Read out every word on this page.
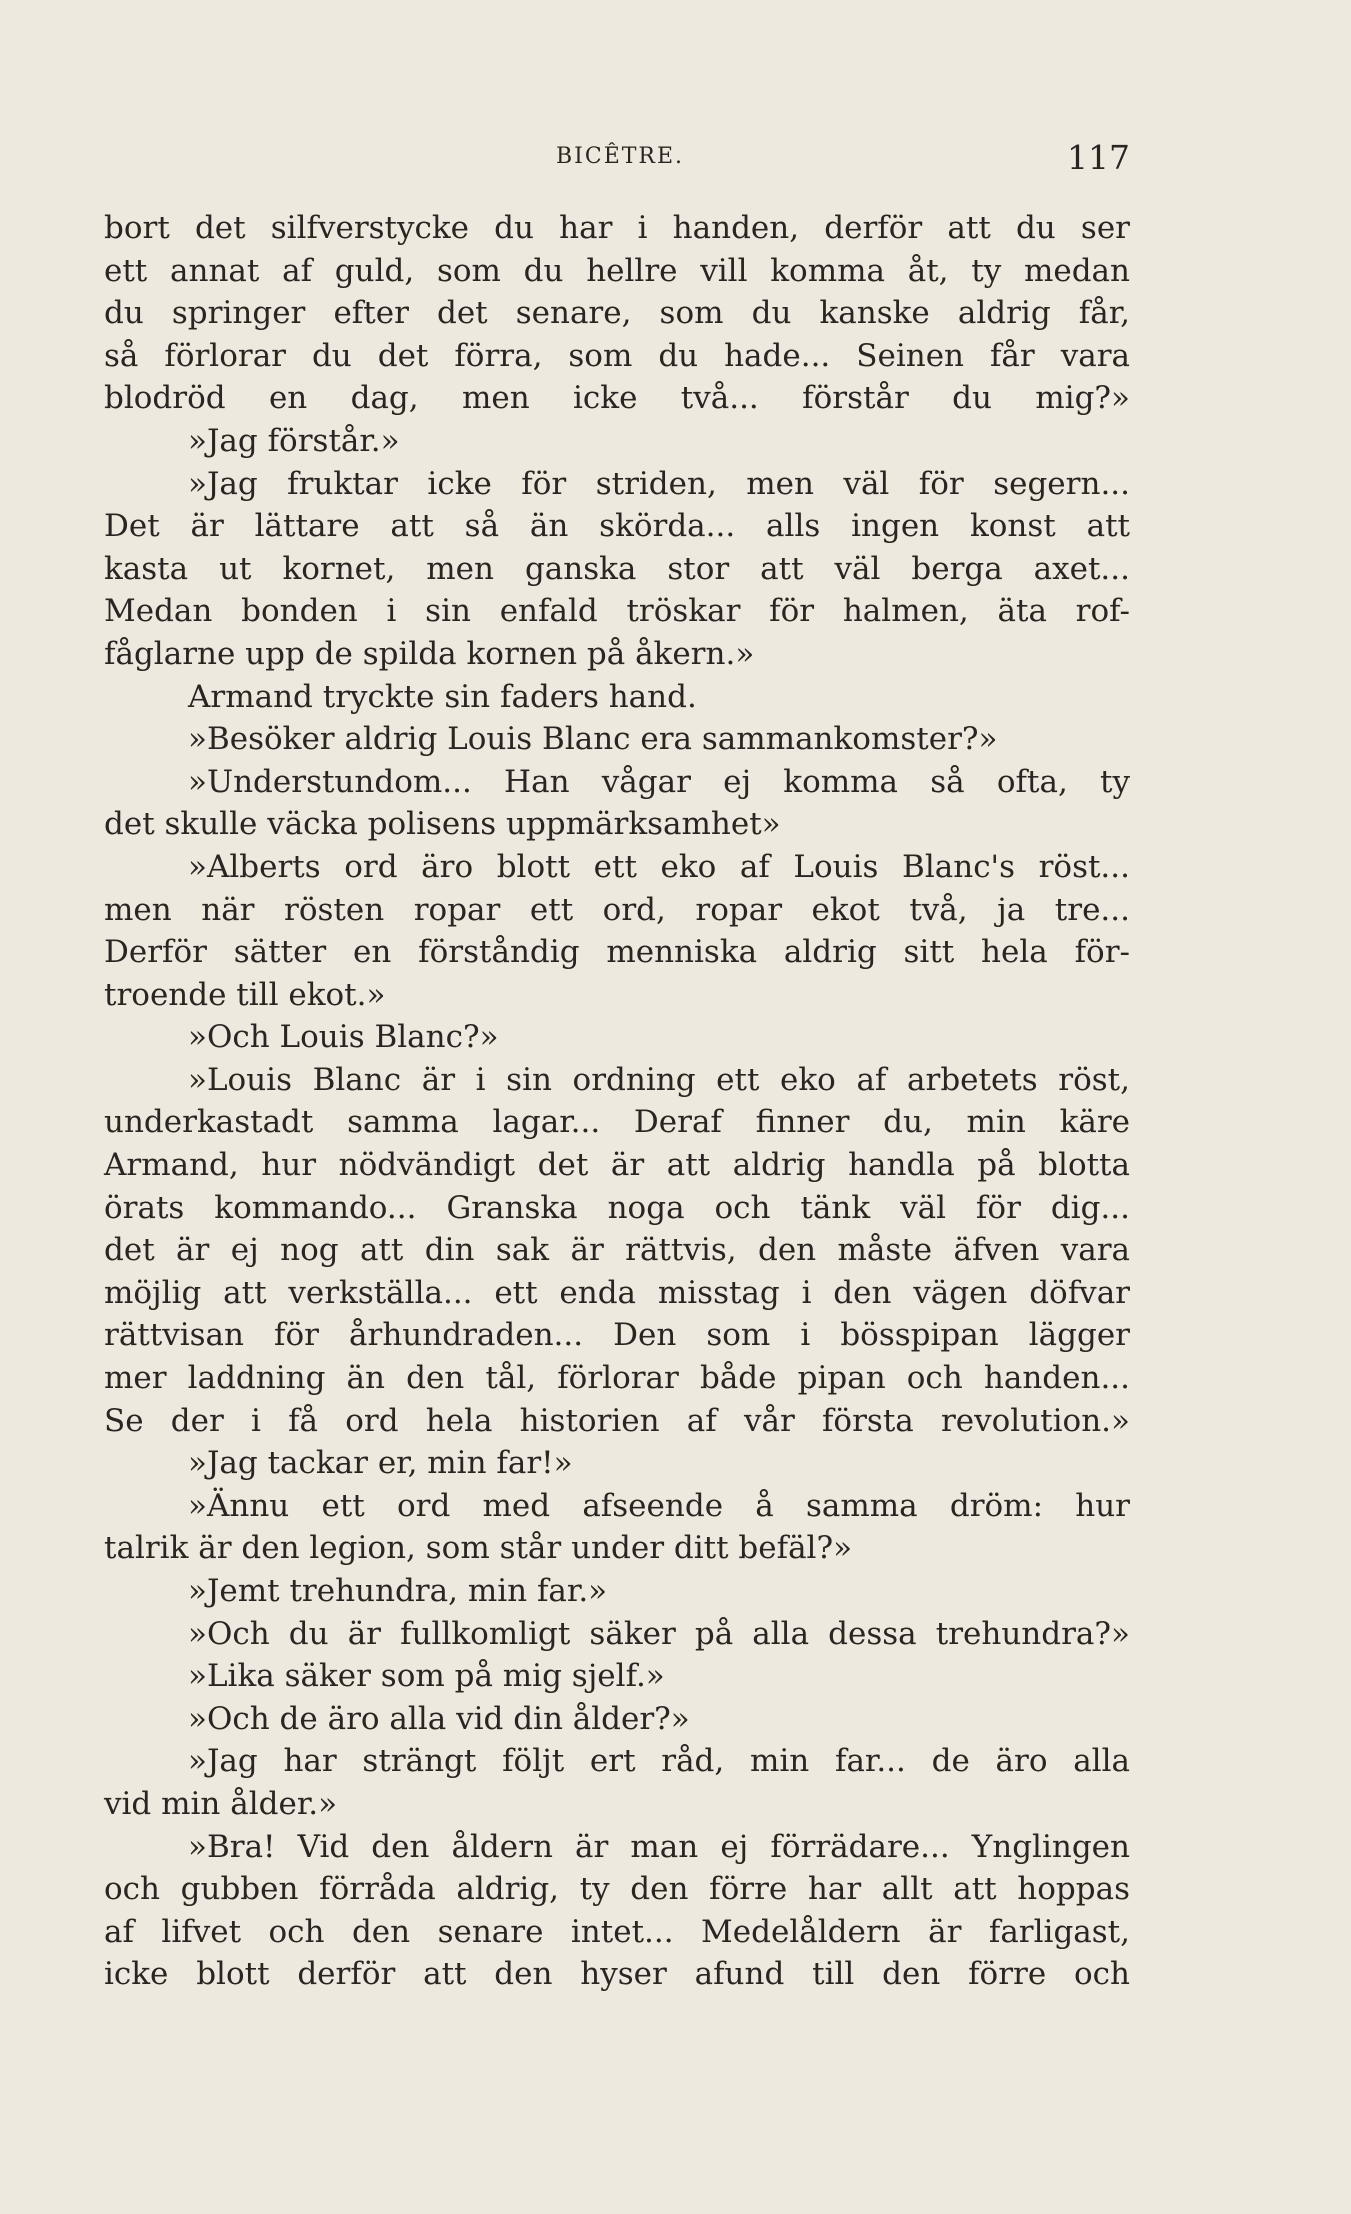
BICÊTRE.	117
bort det silfverstycke du har i handen, derför att du ser
ett annat af guld, som du hellre vill komma åt, ty medan
du springer efter det senare, som du kanske aldrig får,
så förlorar du det förra, som du hade... Seinen får vara
blodröd en dag, men icke två... förstår du mig?»
»Jag förstår.»
»Jag fruktar icke för striden, men väl för segern...
Det är lättare att så än skörda... alls ingen konst att
kasta ut kornet, men ganska stor att väl berga axet...
Medan bonden i sin enfald tröskar för halmen, äta rof-
fåglarne upp de spilda kornen på åkern.»
Armand tryckte sin faders hand.
»Besöker aldrig Louis Blanc era sammankomster?»
»Understundom... Han vågar ej komma så ofta, ty
det skulle väcka polisens uppmärksamhet»
»Alberts ord äro blott ett eko af Louis Blanc's röst...
men när rösten ropar ett ord, ropar ekot två, ja tre...
Derför sätter en förståndig menniska aldrig sitt hela för-
troende till ekot.»
»Och Louis Blanc?»
»Louis Blanc är i sin ordning ett eko af arbetets röst,
underkastadt samma lagar... Deraf finner du, min käre
Armand, hur nödvändigt det är att aldrig handla på blotta
örats kommando... Granska noga och tänk väl för dig...
det är ej nog att din sak är rättvis, den måste äfven vara
möjlig att verkställa... ett enda misstag i den vägen döfvar
rättvisan för århundraden... Den som i bösspipan lägger
mer laddning än den tål, förlorar både pipan och handen...
Se der i få ord hela historien af vår första revolution.»
»Jag tackar er, min far!»
»Ännu ett ord med afseende å samma dröm: hur
talrik är den legion, som står under ditt befäl?»
»Jemt trehundra, min far.»
»Och du är fullkomligt säker på alla dessa trehundra?»
»Lika säker som på mig sjelf.»
»Och de äro alla vid din ålder?»
»Jag har strängt följt ert råd, min far... de äro alla
vid min ålder.»
»Bra! Vid den åldern är man ej förrädare... Ynglingen
och gubben förråda aldrig, ty den förre har allt att hoppas
af lifvet och den senare intet... Medelåldern är farligast,
icke blott derför att den hyser afund till den förre och
